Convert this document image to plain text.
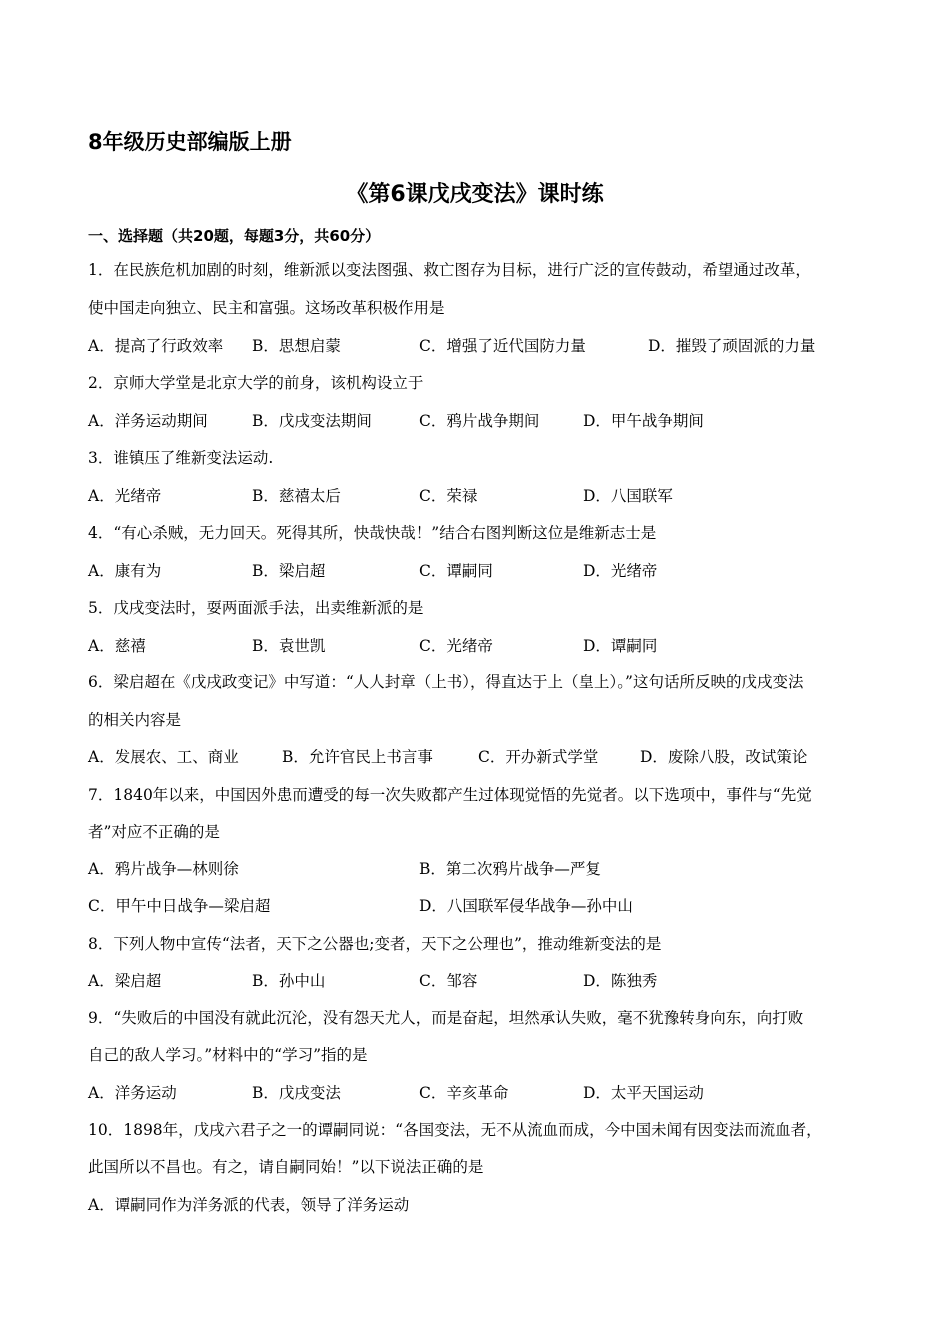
8年级历史部编版上册
《第6课戊戌变法》课时练
一、选择题（共20题，每题3分，共60分）
1．在民族危机加剧的时刻，维新派以变法图强、救亡图存为目标，进行广泛的宣传鼓动，希望通过改革，
使中国走向独立、民主和富强。这场改革积极作用是
A．提高了行政效率 B．思想启蒙	C．增强了近代国防力量	D．摧毁了顽固派的力量
2．京师大学堂是北京大学的前身，该机构设立于
A．洋务运动期间	B．戊戌变法期间	C．鸦片战争期间	D．甲午战争期间
3．谁镇压了维新变法运动.
A．光绪帝	B．慈禧太后	C．荣禄	D．八国联军
4．“有心杀贼，无力回天。死得其所，快哉快哉！”结合右图判断这位是维新志士是
A．康有为	B．梁启超	C．谭嗣同	D．光绪帝
5．戊戌变法时，耍两面派手法，出卖维新派的是
A．慈禧	B．袁世凯	C．光绪帝	D．谭嗣同
6．梁启超在《戊戌政变记》中写道：“人人封章（上书），得直达于上（皇上）。”这句话所反映的戊戌变法
的相关内容是
A．发展农、工、商业	B．允许官民上书言事	C．开办新式学堂	D．废除八股，改试策论
7．1840年以来，中国因外患而遭受的每一次失败都产生过体现觉悟的先觉者。以下选项中，事件与“先觉
者”对应不正确的是
A．鸦片战争—林则徐	B．第二次鸦片战争—严复
C．甲午中日战争—梁启超	D．八国联军侵华战争—孙中山
8．下列人物中宣传“法者，天下之公器也;变者，天下之公理也”，推动维新变法的是
A．梁启超	B．孙中山	C．邹容	D．陈独秀
9．“失败后的中国没有就此沉沦，没有怨天尤人，而是奋起，坦然承认失败，毫不犹豫转身向东，向打败
自己的敌人学习。”材料中的“学习”指的是
A．洋务运动	B．戊戌变法	C．辛亥革命	D．太平天国运动
10．1898年，戊戌六君子之一的谭嗣同说：“各国变法，无不从流血而成，今中国未闻有因变法而流血者，
此国所以不昌也。有之，请自嗣同始！”以下说法正确的是
A．谭嗣同作为洋务派的代表，领导了洋务运动
